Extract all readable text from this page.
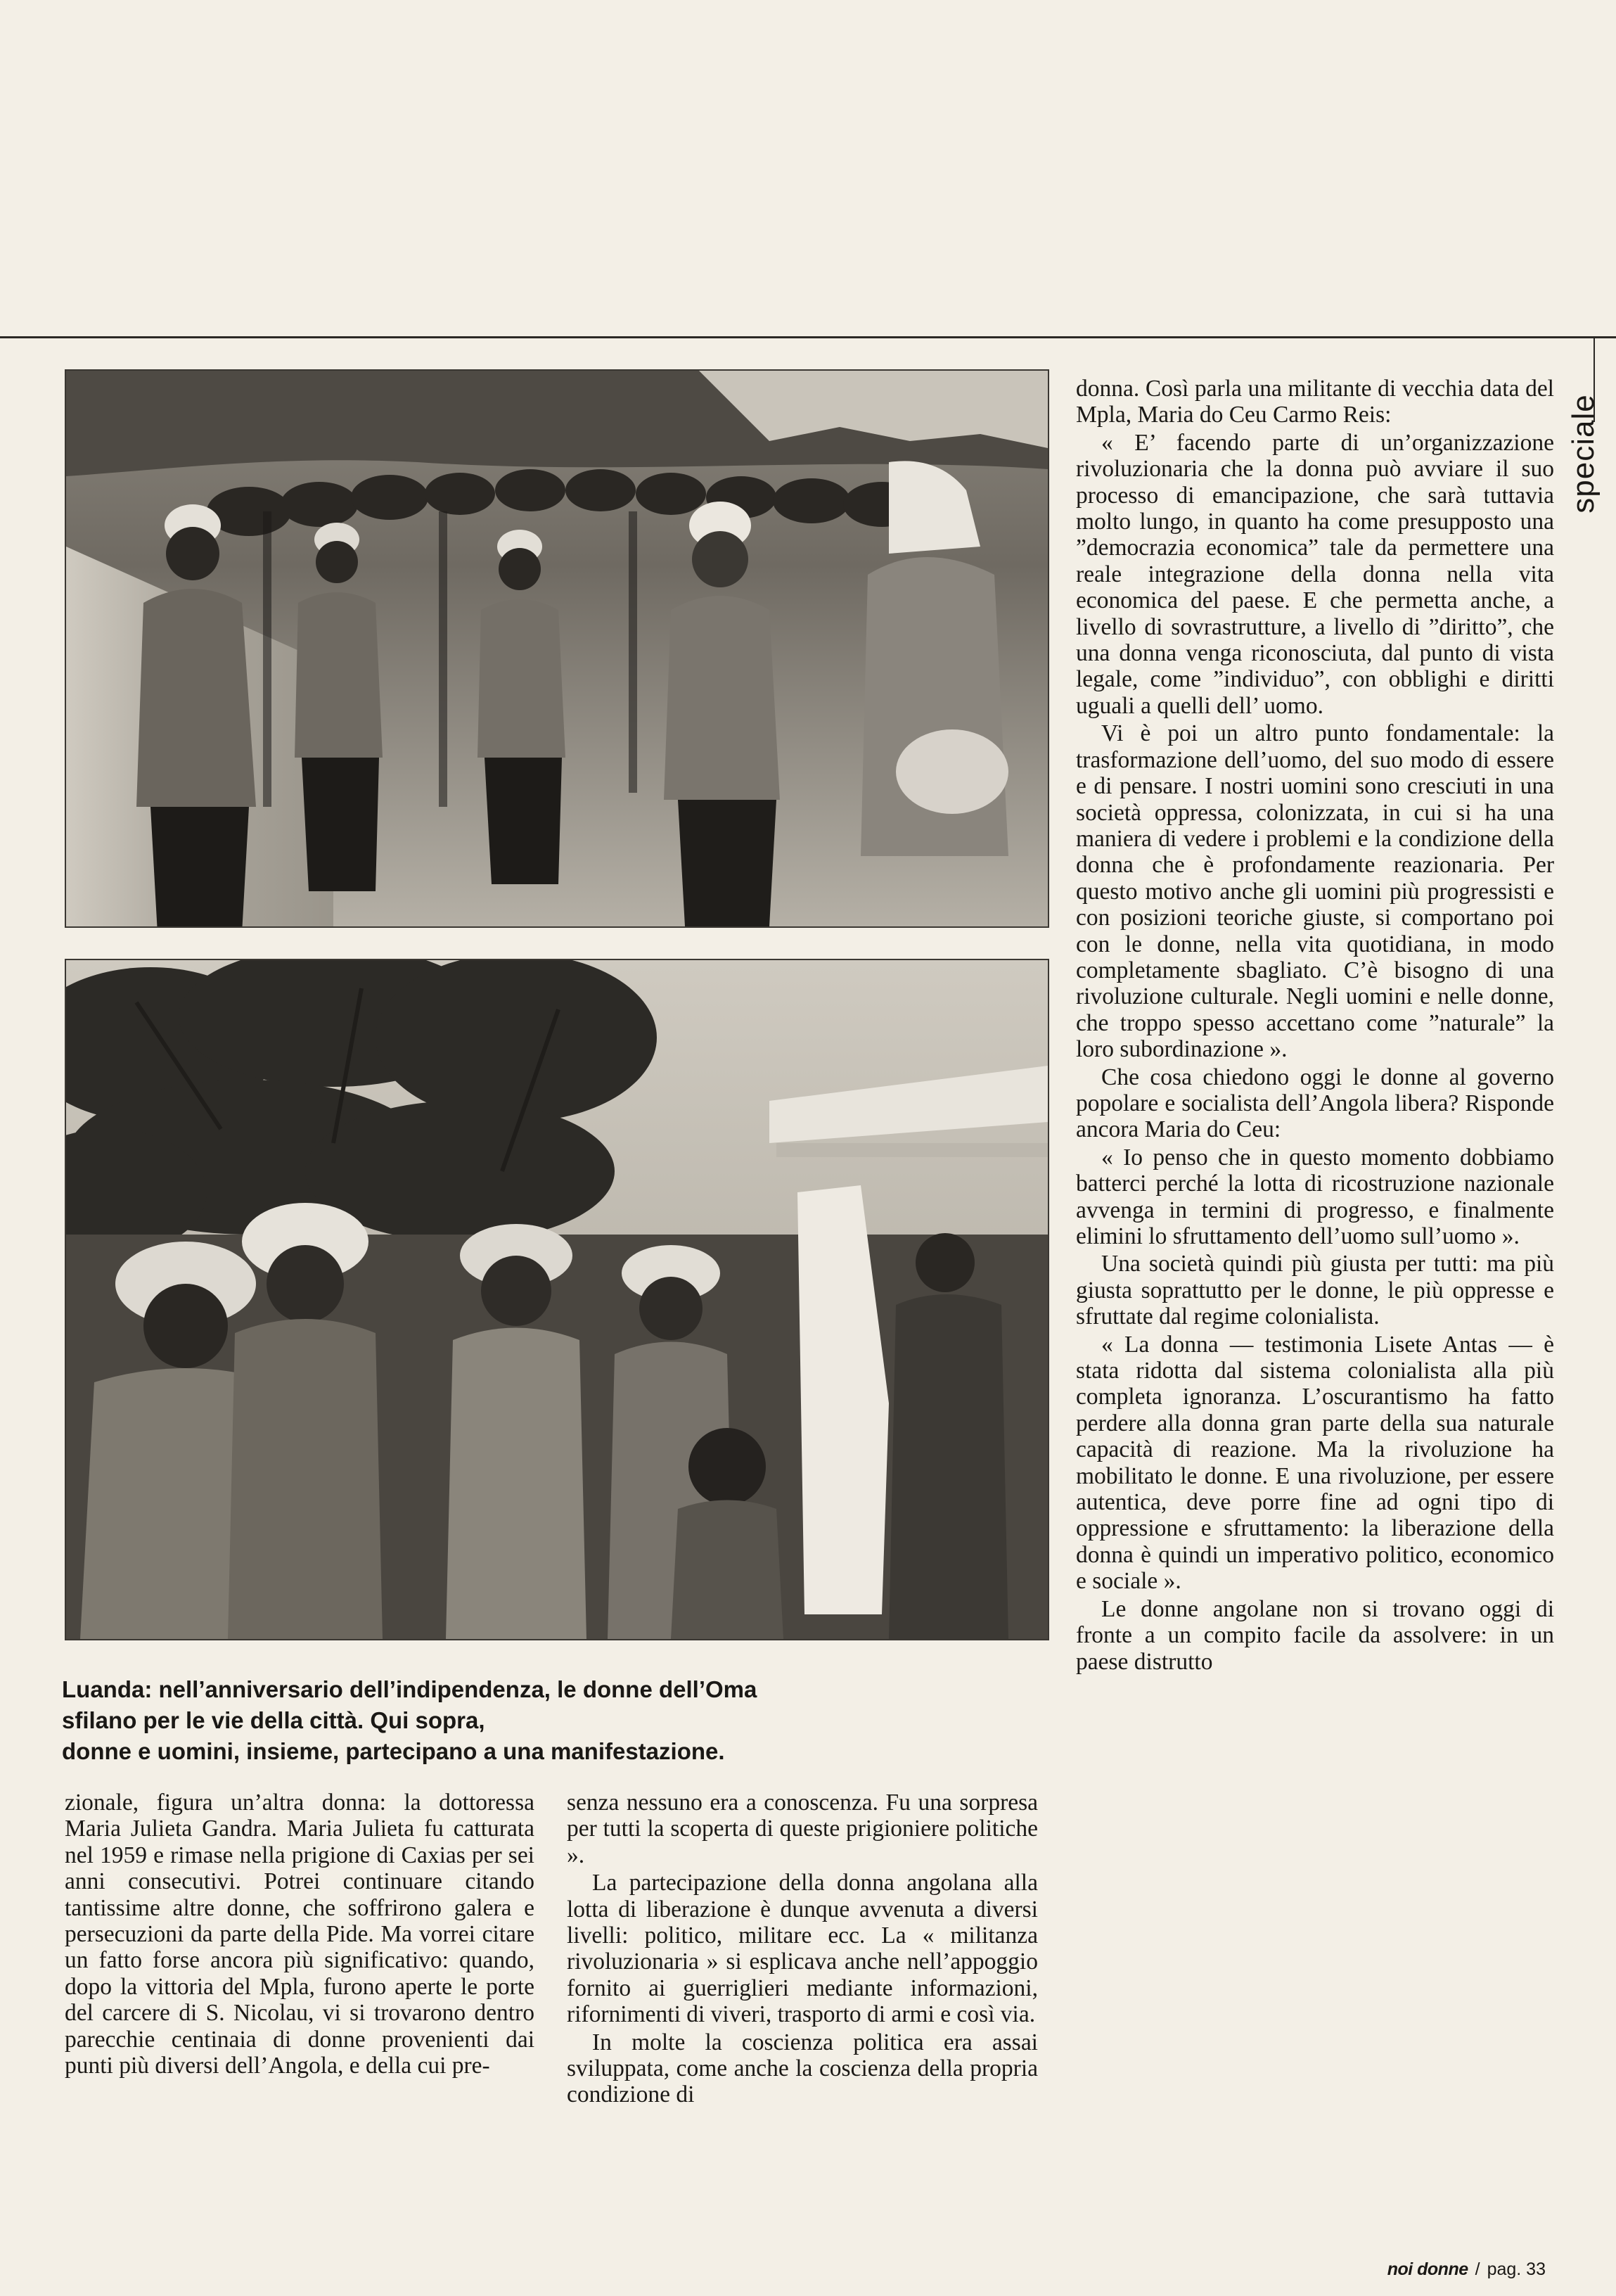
speciale

Luanda: nell’anniversario dell’indipendenza, le donne dell’Oma
sfilano per le vie della città. Qui sopra,
donne e uomini, insieme, partecipano a una manifestazione.

zionale, figura un’altra donna: la dottoressa Maria Julieta Gandra. Maria Julieta fu catturata nel 1959 e rimase nella prigione di Caxias per sei anni consecutivi. Potrei continuare citando tantissime altre donne, che soffrirono galera e persecuzioni da parte della Pide. Ma vorrei citare un fatto forse ancora più significativo: quando, dopo la vittoria del Mpla, furono aperte le porte del carcere di S. Nicolau, vi si trovarono dentro parecchie centinaia di donne provenienti dai punti più diversi dell’Angola, e della cui pre-

senza nessuno era a conoscenza. Fu una sorpresa per tutti la scoperta di queste prigioniere politiche ».

La partecipazione della donna angolana alla lotta di liberazione è dunque avvenuta a diversi livelli: politico, militare ecc. La « militanza rivoluzionaria » si esplicava anche nell’appoggio fornito ai guerriglieri mediante informazioni, rifornimenti di viveri, trasporto di armi e così via.

In molte la coscienza politica era assai sviluppata, come anche la coscienza della propria condizione di

donna. Così parla una militante di vecchia data del Mpla, Maria do Ceu Carmo Reis:

« E’ facendo parte di un’organizzazione rivoluzionaria che la donna può avviare il suo processo di emancipazione, che sarà tuttavia molto lungo, in quanto ha come presupposto una ”democrazia economica” tale da permettere una reale integrazione della donna nella vita economica del paese. E che permetta anche, a livello di sovrastrutture, a livello di ”diritto”, che una donna venga riconosciuta, dal punto di vista legale, come ”individuo”, con obblighi e diritti uguali a quelli dell’ uomo.

Vi è poi un altro punto fondamentale: la trasformazione dell’uomo, del suo modo di essere e di pensare. I nostri uomini sono cresciuti in una società oppressa, colonizzata, in cui si ha una maniera di vedere i problemi e la condizione della donna che è profondamente reazionaria. Per questo motivo anche gli uomini più progressisti e con posizioni teoriche giuste, si comportano poi con le donne, nella vita quotidiana, in modo completamente sbagliato. C’è bisogno di una rivoluzione culturale. Negli uomini e nelle donne, che troppo spesso accettano come ”naturale” la loro subordinazione ».

Che cosa chiedono oggi le donne al governo popolare e socialista dell’Angola libera? Risponde ancora Maria do Ceu:

« Io penso che in questo momento dobbiamo batterci perché la lotta di ricostruzione nazionale avvenga in termini di progresso, e finalmente elimini lo sfruttamento dell’uomo sull’uomo ».

Una società quindi più giusta per tutti: ma più giusta soprattutto per le donne, le più oppresse e sfruttate dal regime colonialista.

« La donna — testimonia Lisete Antas — è stata ridotta dal sistema colonialista alla più completa ignoranza. L’oscurantismo ha fatto perdere alla donna gran parte della sua naturale capacità di reazione. Ma la rivoluzione ha mobilitato le donne. E una rivoluzione, per essere autentica, deve porre fine ad ogni tipo di oppressione e sfruttamento: la liberazione della donna è quindi un imperativo politico, economico e sociale ».

Le donne angolane non si trovano oggi di fronte a un compito facile da assolvere: in un paese distrutto

noi donne / pag. 33
